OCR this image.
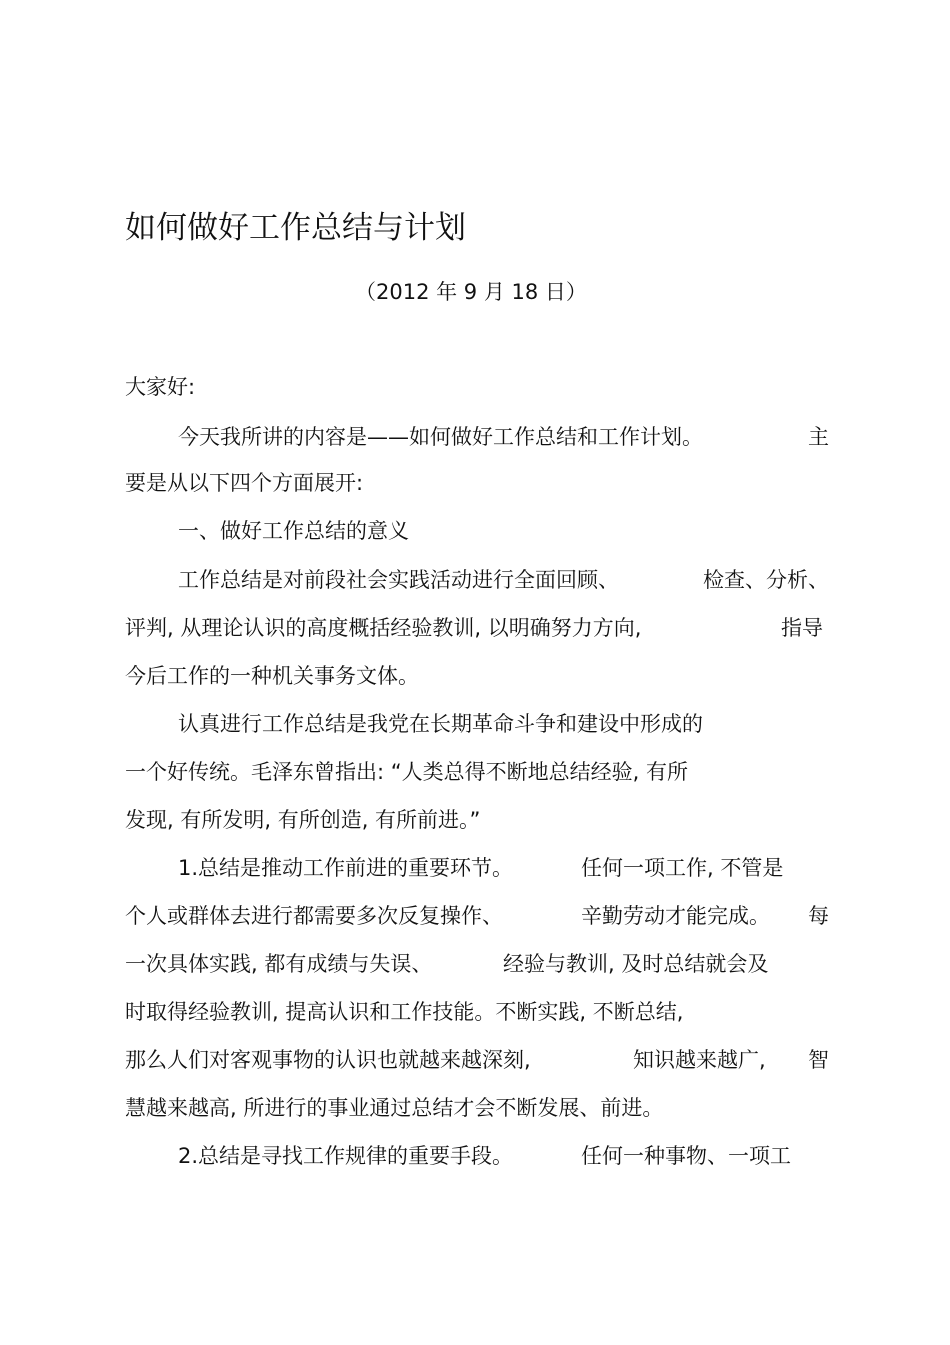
如何做好工作总结与计划
（2012 年 9 月 18 日）
大家好:
今天我所讲的内容是——如何做好工作总结和工作计划。	主
要是从以下四个方面展开:
一、做好工作总结的意义
工作总结是对前段社会实践活动进行全面回顾、	检查、分析、
评判, 从理论认识的高度概括经验教训, 以明确努力方向,	指导
今后工作的一种机关事务文体。
认真进行工作总结是我党在长期革命斗争和建设中形成的
一个好传统。毛泽东曾指出: “人类总得不断地总结经验, 有所
发现, 有所发明, 有所创造, 有所前进。”
1.总结是推动工作前进的重要环节。	任何一项工作, 不管是
个人或群体去进行都需要多次反复操作、	辛勤劳动才能完成。 每
一次具体实践, 都有成绩与失误、	经验与教训, 及时总结就会及
时取得经验教训, 提高认识和工作技能。不断实践, 不断总结,
那么人们对客观事物的认识也就越来越深刻,	知识越来越广, 智
慧越来越高, 所进行的事业通过总结才会不断发展、前进。
2.总结是寻找工作规律的重要手段。	任何一种事物、一项工
